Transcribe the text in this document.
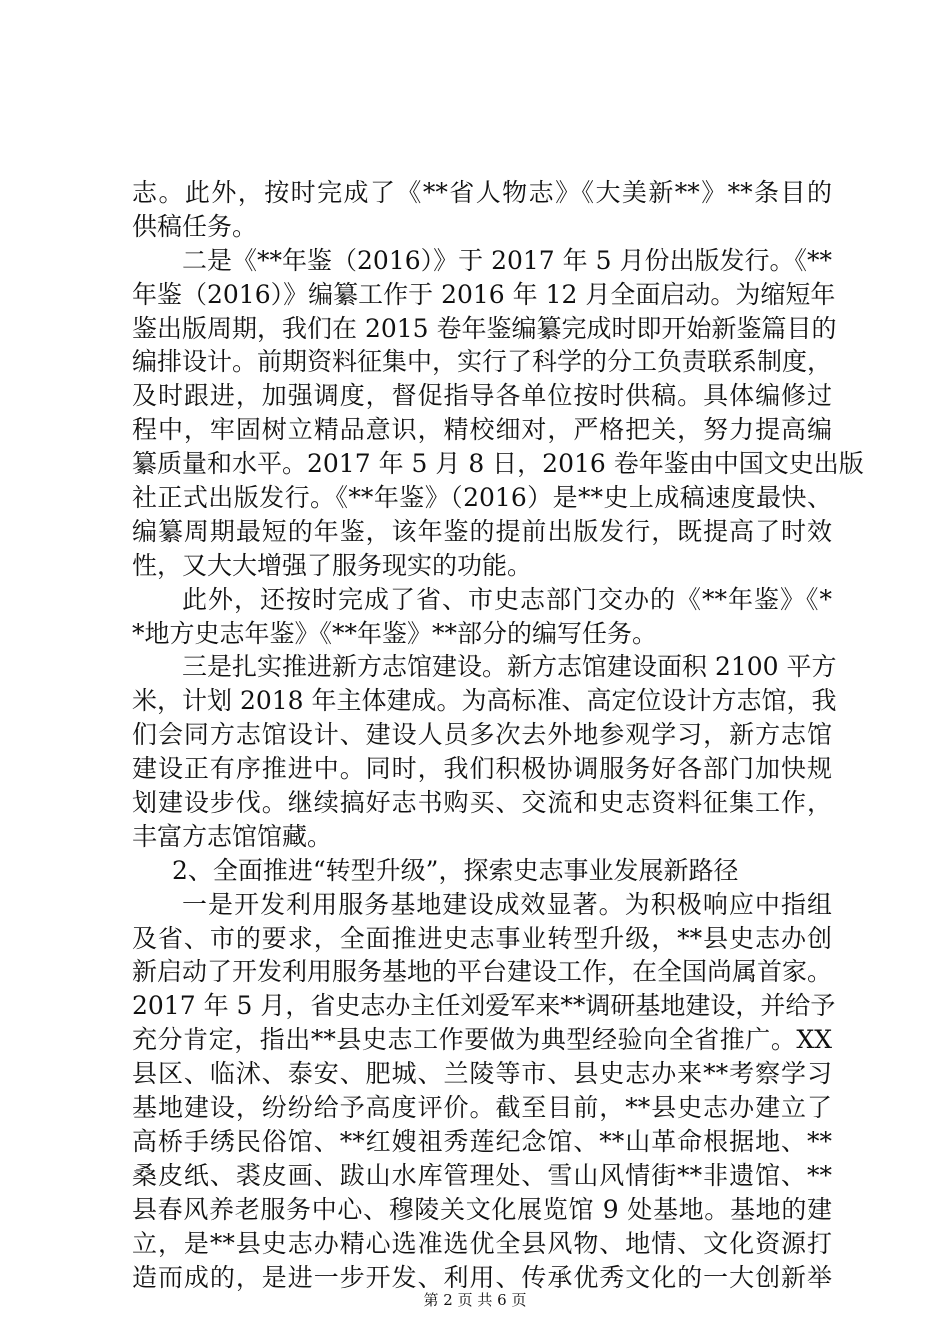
志。此外，按时完成了《**省人物志》《大美新**》**条目的
供稿任务。
二是《**年鉴（2016）》于 2017 年 5 月份出版发行。《**
年鉴（2016）》编纂工作于 2016 年 12 月全面启动。为缩短年
鉴出版周期，我们在 2015 卷年鉴编纂完成时即开始新鉴篇目的
编排设计。前期资料征集中，实行了科学的分工负责联系制度，
及时跟进，加强调度，督促指导各单位按时供稿。具体编修过
程中，牢固树立精品意识，精校细对，严格把关，努力提高编
纂质量和水平。2017 年 5 月 8 日，2016 卷年鉴由中国文史出版
社正式出版发行。《**年鉴》（2016）是**史上成稿速度最快、
编纂周期最短的年鉴，该年鉴的提前出版发行，既提高了时效
性，又大大增强了服务现实的功能。
此外，还按时完成了省、市史志部门交办的《**年鉴》《*
*地方史志年鉴》《**年鉴》**部分的编写任务。
三是扎实推进新方志馆建设。新方志馆建设面积 2100 平方
米，计划 2018 年主体建成。为高标准、高定位设计方志馆，我
们会同方志馆设计、建设人员多次去外地参观学习，新方志馆
建设正有序推进中。同时，我们积极协调服务好各部门加快规
划建设步伐。继续搞好志书购买、交流和史志资料征集工作，
丰富方志馆馆藏。
2、全面推进“转型升级”，探索史志事业发展新路径
一是开发利用服务基地建设成效显著。为积极响应中指组
及省、市的要求，全面推进史志事业转型升级，**县史志办创
新启动了开发利用服务基地的平台建设工作，在全国尚属首家。
2017 年 5 月，省史志办主任刘爱军来**调研基地建设，并给予
充分肯定，指出**县史志工作要做为典型经验向全省推广。XX
县区、临沭、泰安、肥城、兰陵等市、县史志办来**考察学习
基地建设，纷纷给予高度评价。截至目前，**县史志办建立了
高桥手绣民俗馆、**红嫂祖秀莲纪念馆、**山革命根据地、**
桑皮纸、裘皮画、跋山水库管理处、雪山风情街**非遗馆、**
县春风养老服务中心、穆陵关文化展览馆 9 处基地。基地的建
立，是**县史志办精心选准选优全县风物、地情、文化资源打
造而成的，是进一步开发、利用、传承优秀文化的一大创新举
第 2 页 共 6 页
